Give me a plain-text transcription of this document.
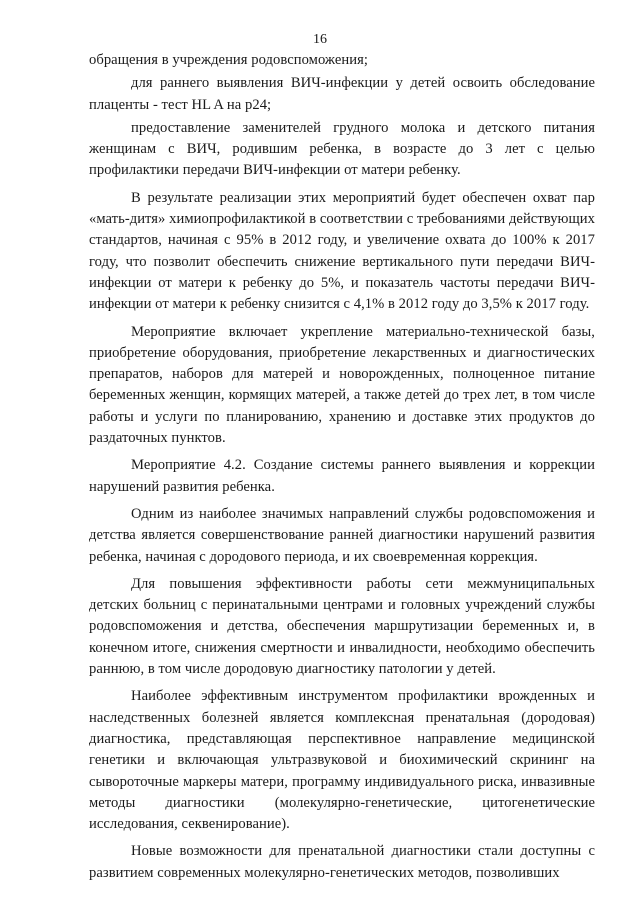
16

обращения в учреждения родовспоможения;

для раннего выявления ВИЧ-инфекции у детей освоить обследование плаценты - тест HL A на p24;

предоставление заменителей грудного молока и детского питания женщинам с ВИЧ, родившим ребенка, в возрасте до 3 лет с целью профилактики передачи ВИЧ-инфекции от матери ребенку.

В результате реализации этих мероприятий будет обеспечен охват пар «мать-дитя» химиопрофилактикой в соответствии с требованиями действующих стандартов, начиная с 95% в 2012 году, и увеличение охвата до 100% к 2017 году, что позволит обеспечить снижение вертикального пути передачи ВИЧ-инфекции от матери к ребенку до 5%, и показатель частоты передачи ВИЧ-инфекции от матери к ребенку снизится с 4,1% в 2012 году до 3,5% к 2017 году.

Мероприятие включает укрепление материально-технической базы, приобретение оборудования, приобретение лекарственных и диагностических препаратов, наборов для матерей и новорожденных, полноценное питание беременных женщин, кормящих матерей, а также детей до трех лет, в том числе работы и услуги по планированию, хранению и доставке этих продуктов до раздаточных пунктов.

Мероприятие 4.2. Создание системы раннего выявления и коррекции нарушений развития ребенка.

Одним из наиболее значимых направлений службы родовспоможения и детства является совершенствование ранней диагностики нарушений развития ребенка, начиная с дородового периода, и их своевременная коррекция.

Для повышения эффективности работы сети межмуниципальных детских больниц с перинатальными центрами и головных учреждений службы родовспоможения и детства, обеспечения маршрутизации беременных и, в конечном итоге, снижения смертности и инвалидности, необходимо обеспечить раннюю, в том числе дородовую диагностику патологии у детей.

Наиболее эффективным инструментом профилактики врожденных и наследственных болезней является комплексная пренатальная (дородовая) диагностика, представляющая перспективное направление медицинской генетики и включающая ультразвуковой и биохимический скрининг на сывороточные маркеры матери, программу индивидуального риска, инвазивные методы диагностики (молекулярно-генетические, цитогенетические исследования, секвенирование).

Новые возможности для пренатальной диагностики стали доступны с развитием современных молекулярно-генетических методов, позволивших
